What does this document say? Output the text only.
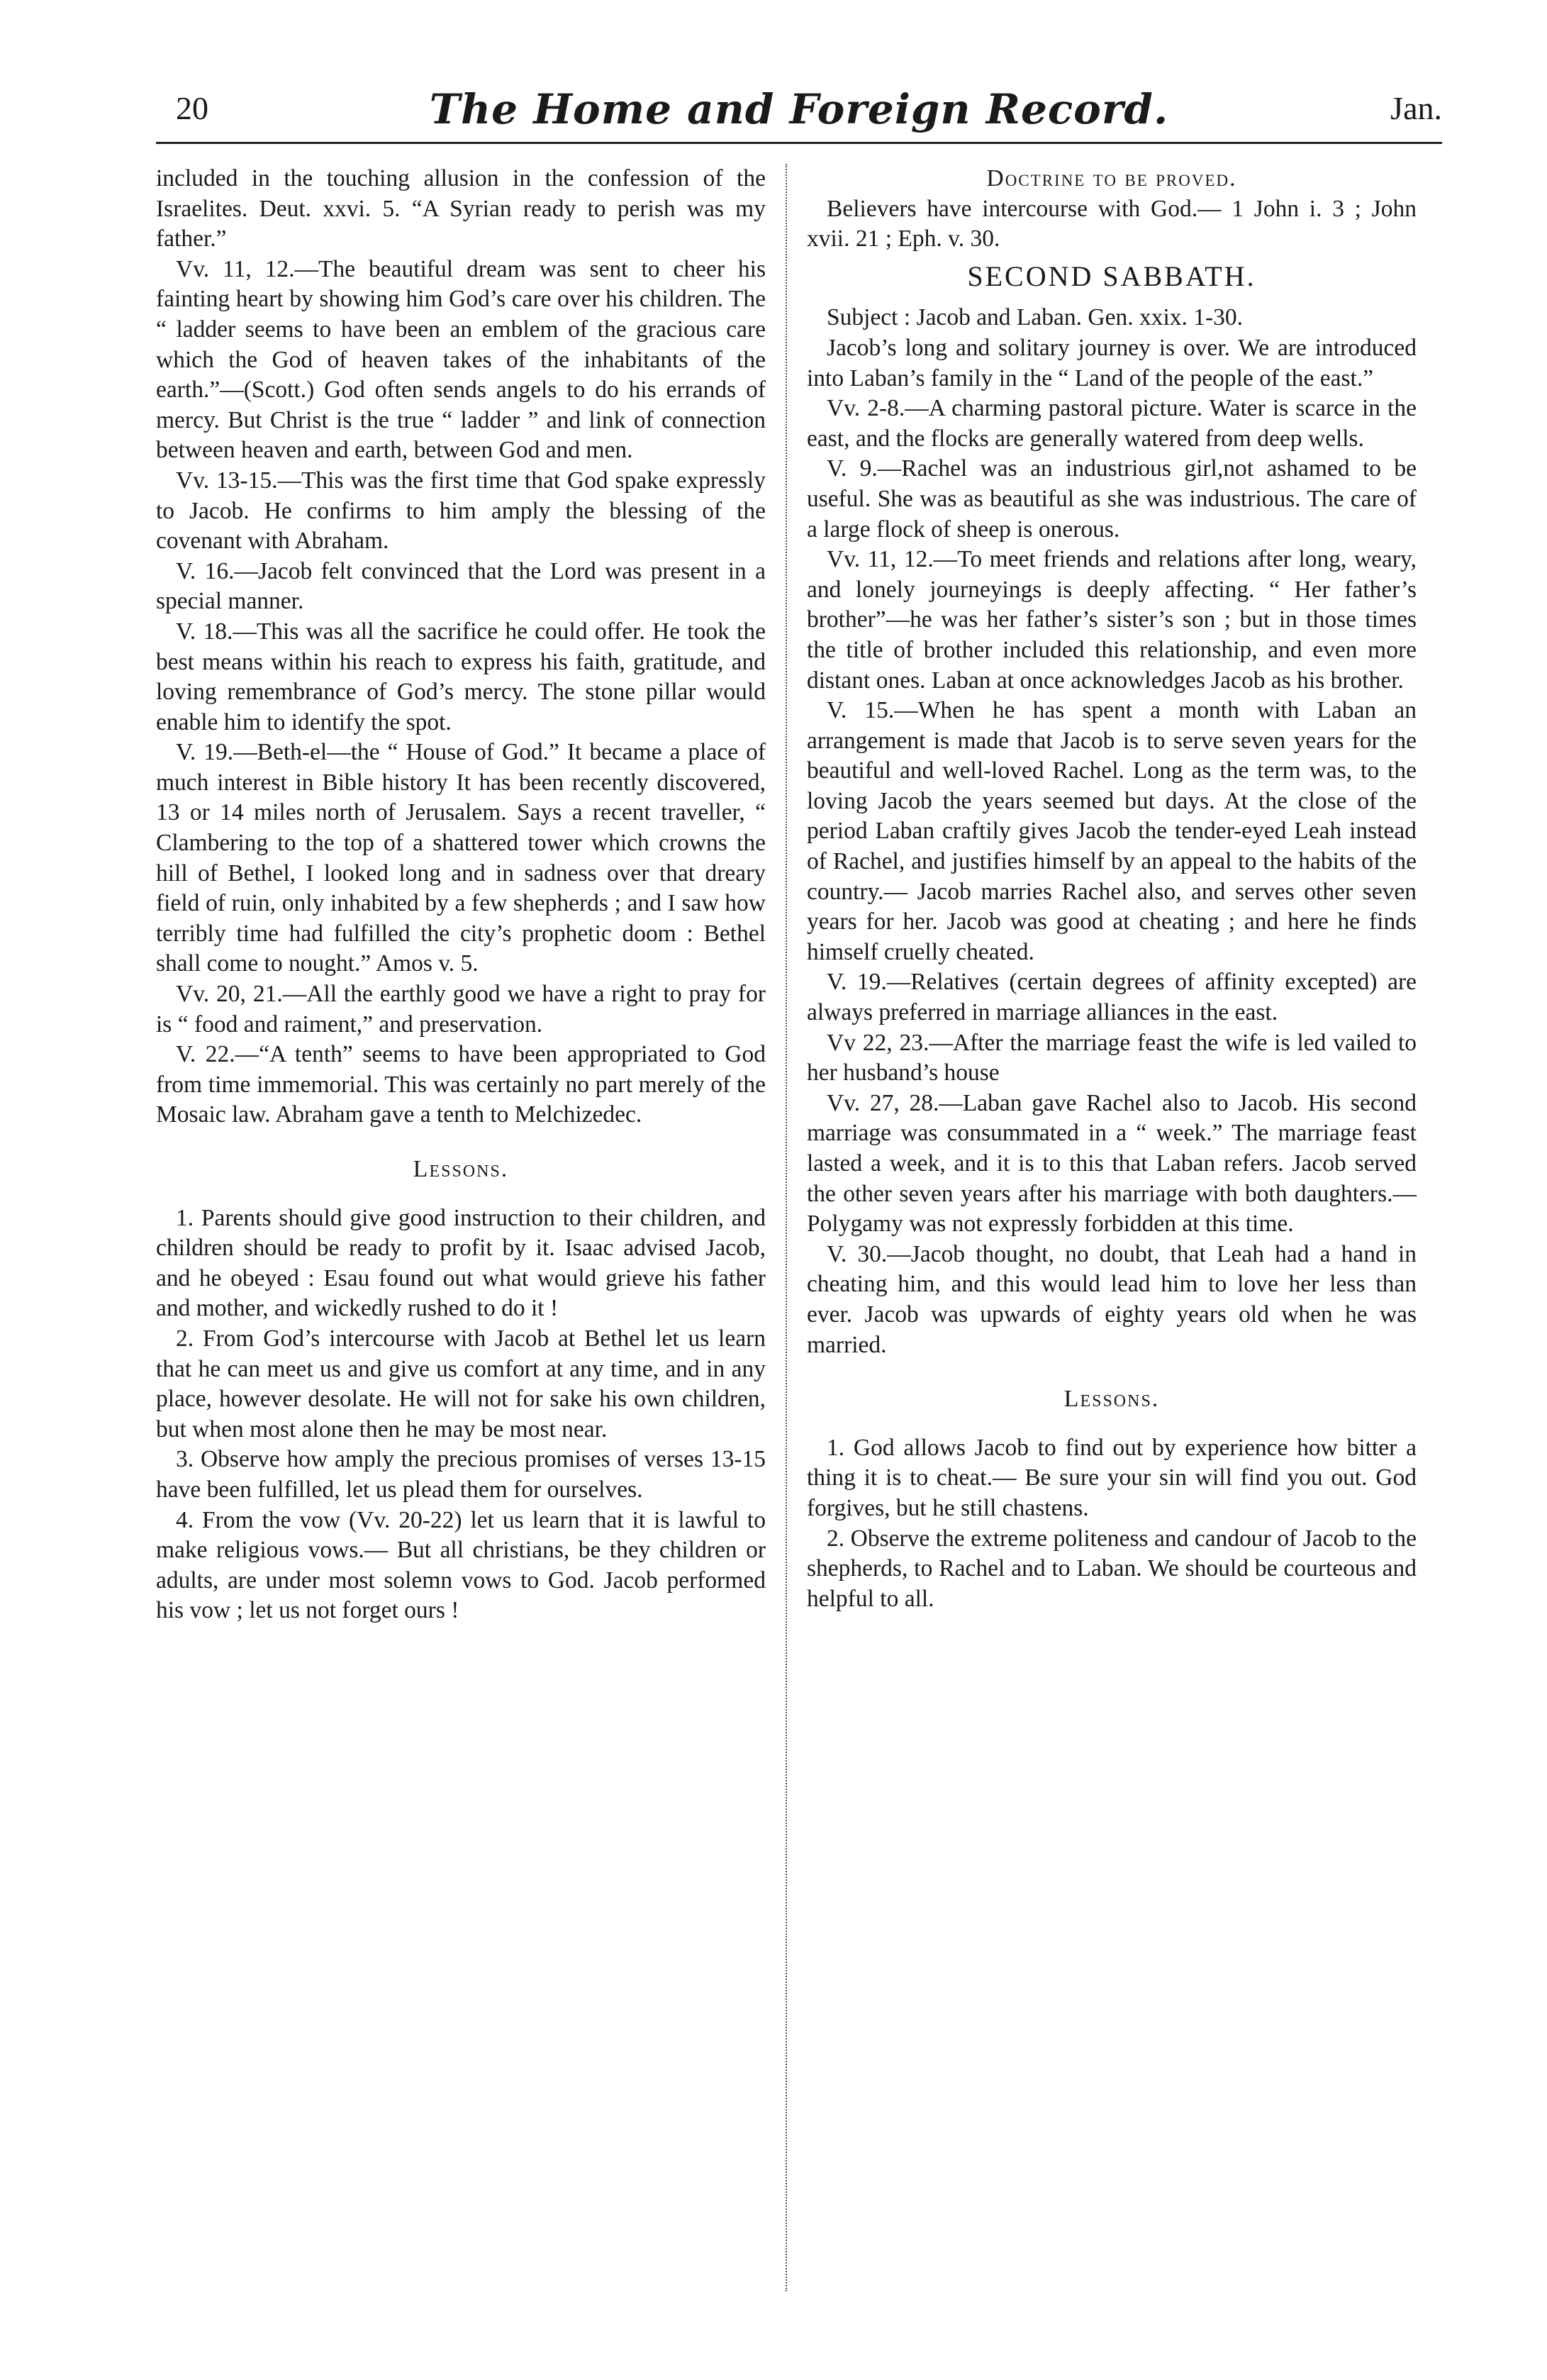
20	The Home and Foreign Record.	Jan.

included in the touching allusion in the confession of the Israelites. Deut. xxvi. 5. “A Syrian ready to perish was my father.”

Vv. 11, 12.—The beautiful dream was sent to cheer his fainting heart by showing him God’s care over his children. The “ ladder seems to have been an emblem of the gracious care which the God of heaven takes of the inhabitants of the earth.”—(Scott.) God often sends angels to do his errands of mercy. But Christ is the true “ ladder ” and link of connection between heaven and earth, between God and men.

Vv. 13-15.—This was the first time that God spake expressly to Jacob. He confirms to him amply the blessing of the covenant with Abraham.

V. 16.—Jacob felt convinced that the Lord was present in a special manner.

V. 18.—This was all the sacrifice he could offer. He took the best means within his reach to express his faith, gratitude, and loving remembrance of God’s mercy. The stone pillar would enable him to identify the spot.

V. 19.—Beth-el—the “ House of God.” It became a place of much interest in Bible history It has been recently discovered, 13 or 14 miles north of Jerusalem. Says a recent traveller, “ Clambering to the top of a shattered tower which crowns the hill of Bethel, I looked long and in sadness over that dreary field of ruin, only inhabited by a few shepherds ; and I saw how terribly time had fulfilled the city’s prophetic doom : Bethel shall come to nought.” Amos v. 5.

Vv. 20, 21.—All the earthly good we have a right to pray for is “ food and raiment,” and preservation.

V. 22.—“A tenth” seems to have been appropriated to God from time immemorial. This was certainly no part merely of the Mosaic law. Abraham gave a tenth to Melchizedec.

Lessons.

1. Parents should give good instruction to their children, and children should be ready to profit by it. Isaac advised Jacob, and he obeyed : Esau found out what would grieve his father and mother, and wickedly rushed to do it !

2. From God’s intercourse with Jacob at Bethel let us learn that he can meet us and give us comfort at any time, and in any place, however desolate. He will not for sake his own children, but when most alone then he may be most near.

3. Observe how amply the precious promises of verses 13-15 have been fulfilled, let us plead them for ourselves.

4. From the vow (Vv. 20-22) let us learn that it is lawful to make religious vows.— But all christians, be they children or adults, are under most solemn vows to God. Jacob performed his vow ; let us not forget ours !

Doctrine to be proved.

Believers have intercourse with God.— 1 John i. 3 ; John xvii. 21 ; Eph. v. 30.

SECOND SABBATH.

Subject : Jacob and Laban. Gen. xxix. 1-30.

Jacob’s long and solitary journey is over. We are introduced into Laban’s family in the “ Land of the people of the east.”

Vv. 2-8.—A charming pastoral picture. Water is scarce in the east, and the flocks are generally watered from deep wells.

V. 9.—Rachel was an industrious girl,not ashamed to be useful. She was as beautiful as she was industrious. The care of a large flock of sheep is onerous.

Vv. 11, 12.—To meet friends and relations after long, weary, and lonely journeyings is deeply affecting. “ Her father’s brother”—he was her father’s sister’s son ; but in those times the title of brother included this relationship, and even more distant ones. Laban at once acknowledges Jacob as his brother.

V. 15.—When he has spent a month with Laban an arrangement is made that Jacob is to serve seven years for the beautiful and well-loved Rachel. Long as the term was, to the loving Jacob the years seemed but days. At the close of the period Laban craftily gives Jacob the tender-eyed Leah instead of Rachel, and justifies himself by an appeal to the habits of the country.— Jacob marries Rachel also, and serves other seven years for her. Jacob was good at cheating ; and here he finds himself cruelly cheated.

V. 19.—Relatives (certain degrees of affinity excepted) are always preferred in marriage alliances in the east.

Vv 22, 23.—After the marriage feast the wife is led vailed to her husband’s house

Vv. 27, 28.—Laban gave Rachel also to Jacob. His second marriage was consummated in a “ week.” The marriage feast lasted a week, and it is to this that Laban refers. Jacob served the other seven years after his marriage with both daughters.— Polygamy was not expressly forbidden at this time.

V. 30.—Jacob thought, no doubt, that Leah had a hand in cheating him, and this would lead him to love her less than ever. Jacob was upwards of eighty years old when he was married.

Lessons.

1. God allows Jacob to find out by experience how bitter a thing it is to cheat.— Be sure your sin will find you out. God forgives, but he still chastens.

2. Observe the extreme politeness and candour of Jacob to the shepherds, to Rachel and to Laban. We should be courteous and helpful to all.
